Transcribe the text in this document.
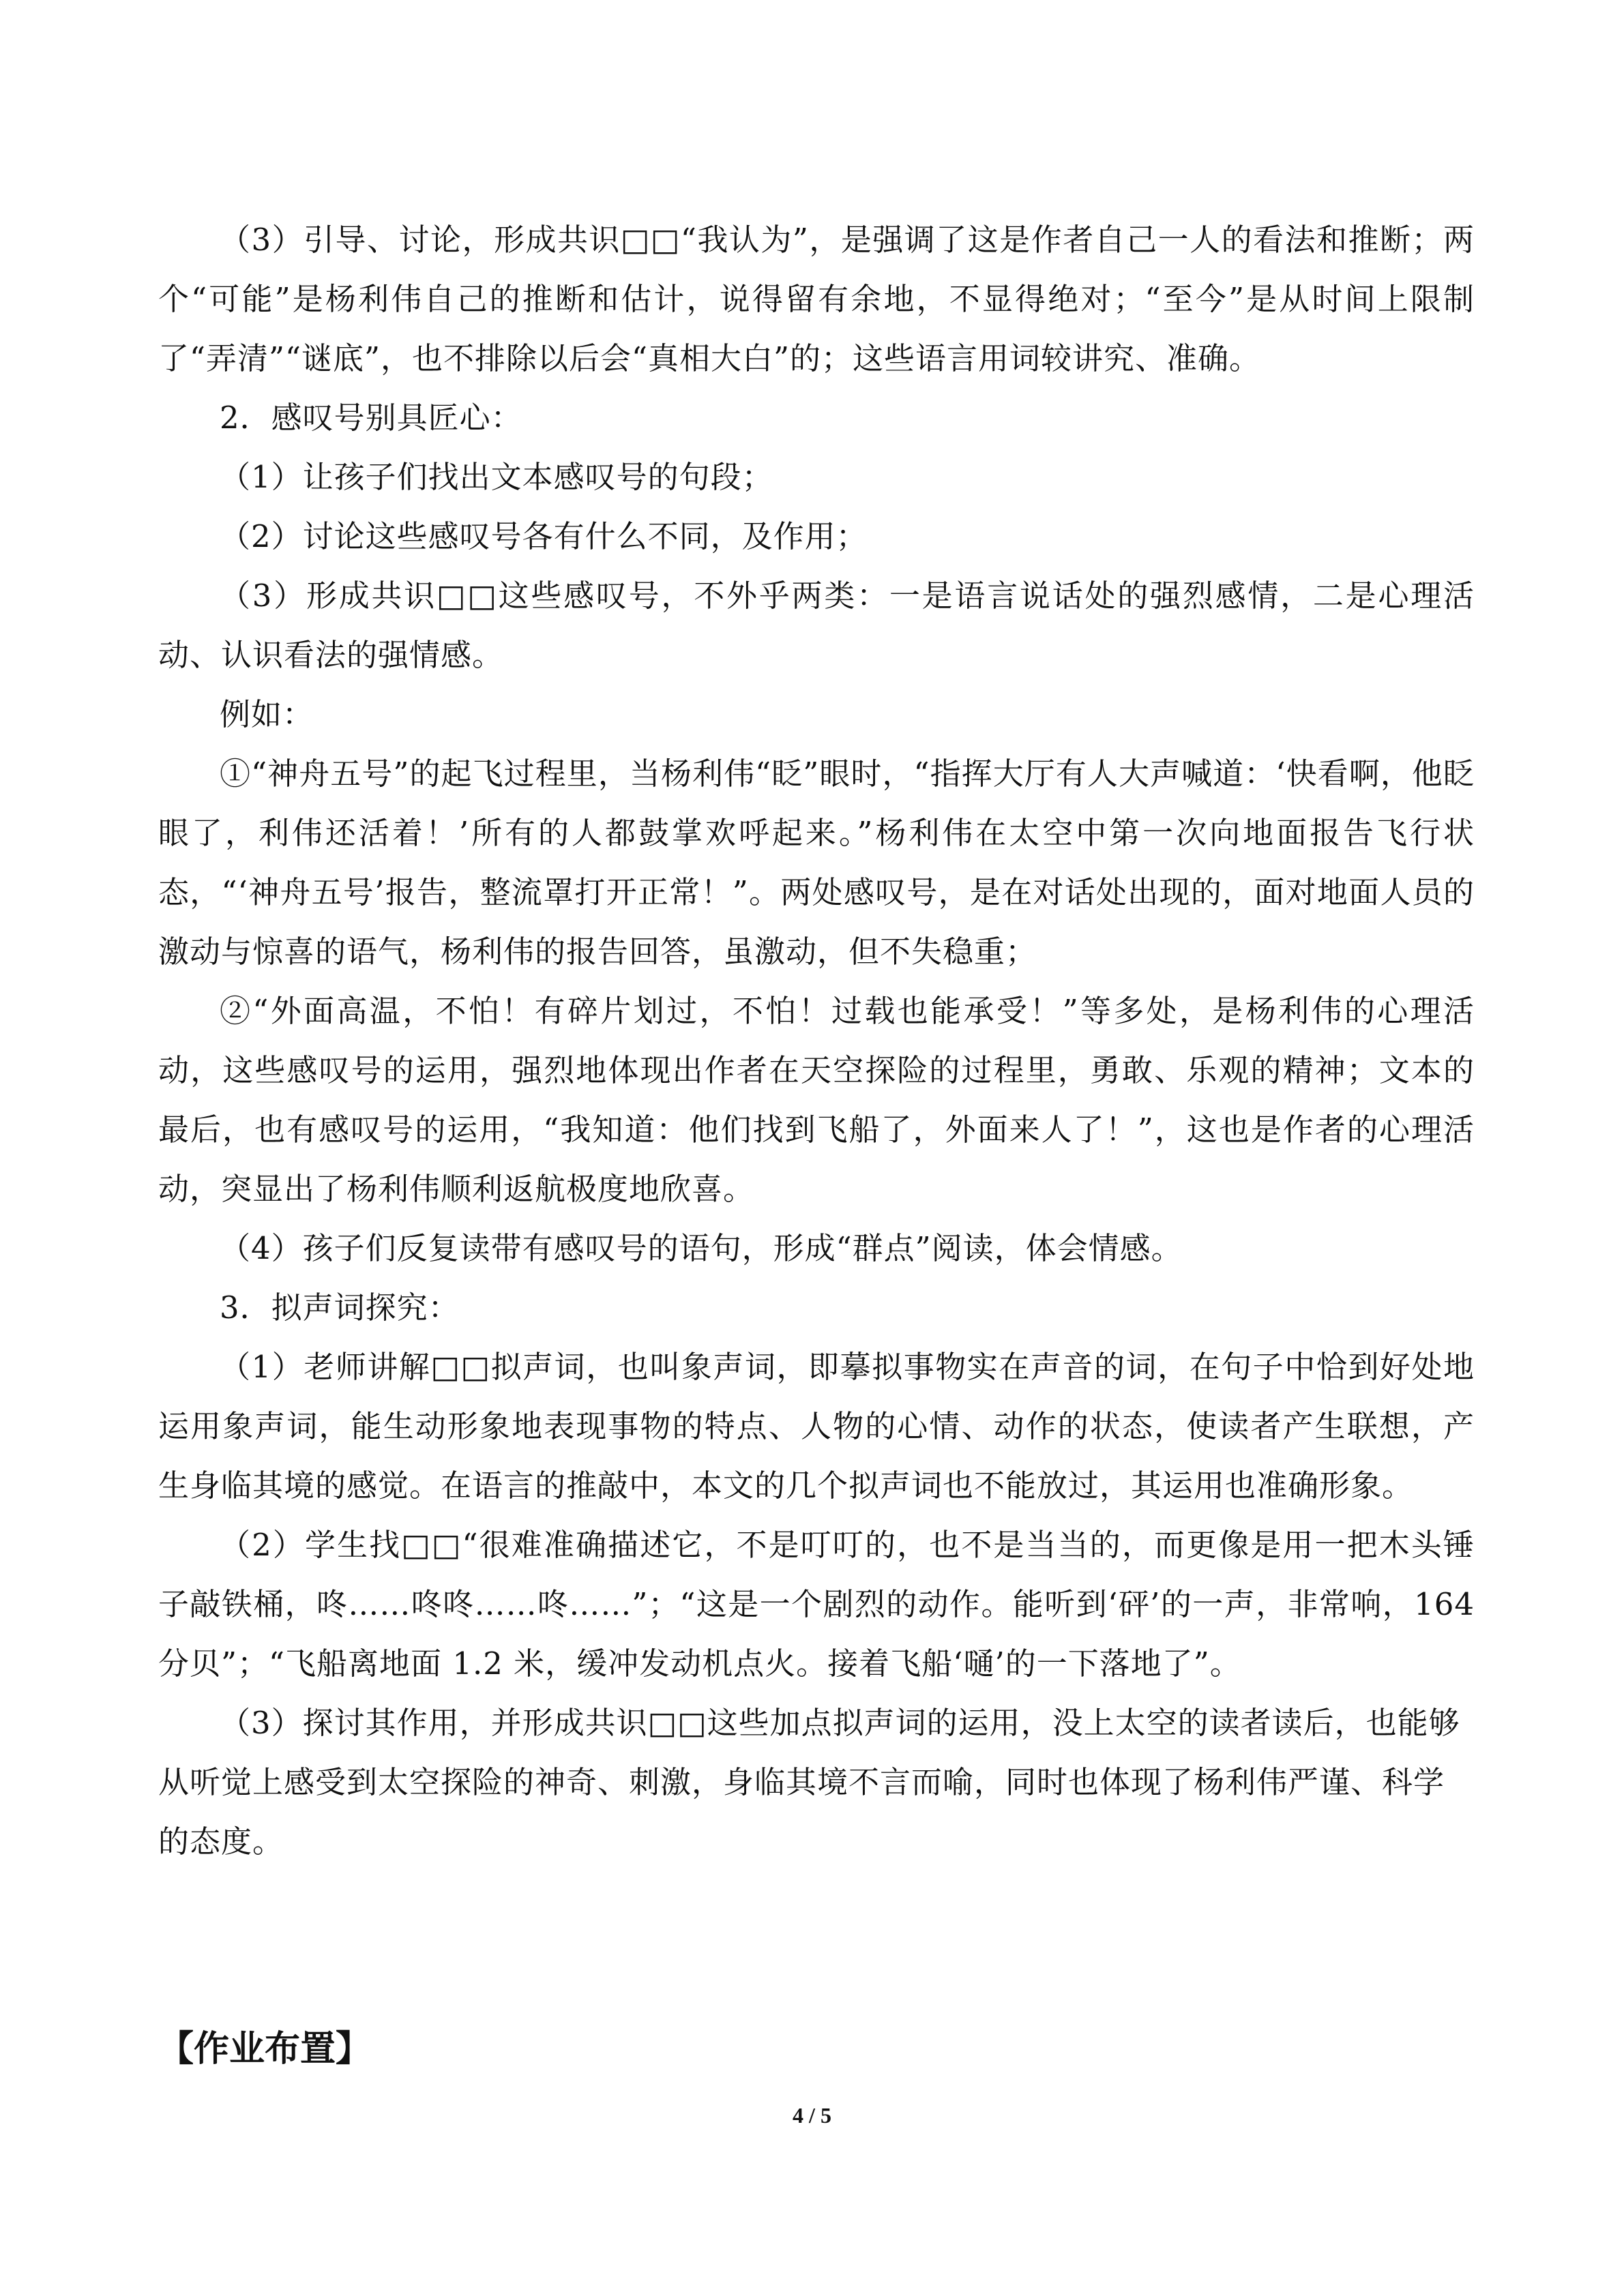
（3）引导、讨论，形成共识□□“我认为”，是强调了这是作者自己一人的看法和推断；两个“可能”是杨利伟自己的推断和估计，说得留有余地，不显得绝对；“至今”是从时间上限制了“弄清”“谜底”，也不排除以后会“真相大白”的；这些语言用词较讲究、准确。

2．感叹号别具匠心：

（1）让孩子们找出文本感叹号的句段；

（2）讨论这些感叹号各有什么不同，及作用；

（3）形成共识□□这些感叹号，不外乎两类：一是语言说话处的强烈感情，二是心理活动、认识看法的强情感。

例如：

①“神舟五号”的起飞过程里，当杨利伟“眨”眼时，“指挥大厅有人大声喊道：‘快看啊，他眨眼了，利伟还活着！’所有的人都鼓掌欢呼起来。”杨利伟在太空中第一次向地面报告飞行状态，“‘神舟五号’报告，整流罩打开正常！”。两处感叹号，是在对话处出现的，面对地面人员的激动与惊喜的语气，杨利伟的报告回答，虽激动，但不失稳重；

②“外面高温，不怕！有碎片划过，不怕！过载也能承受！”等多处，是杨利伟的心理活动，这些感叹号的运用，强烈地体现出作者在天空探险的过程里，勇敢、乐观的精神；文本的最后，也有感叹号的运用，“我知道：他们找到飞船了，外面来人了！”，这也是作者的心理活动，突显出了杨利伟顺利返航极度地欣喜。

（4）孩子们反复读带有感叹号的语句，形成“群点”阅读，体会情感。

3．拟声词探究：

（1）老师讲解□□拟声词，也叫象声词，即摹拟事物实在声音的词，在句子中恰到好处地运用象声词，能生动形象地表现事物的特点、人物的心情、动作的状态，使读者产生联想，产生身临其境的感觉。在语言的推敲中，本文的几个拟声词也不能放过，其运用也准确形象。

（2）学生找□□“很难准确描述它，不是叮叮的，也不是当当的，而更像是用一把木头锤子敲铁桶，咚……咚咚……咚……”；“这是一个剧烈的动作。能听到‘砰’的一声，非常响，164 分贝”；“飞船离地面 1.2 米，缓冲发动机点火。接着飞船‘嗵’的一下落地了”。

（3）探讨其作用，并形成共识□□这些加点拟声词的运用，没上太空的读者读后，也能够从听觉上感受到太空探险的神奇、刺激，身临其境不言而喻，同时也体现了杨利伟严谨、科学的态度。

【作业布置】
4 / 5
